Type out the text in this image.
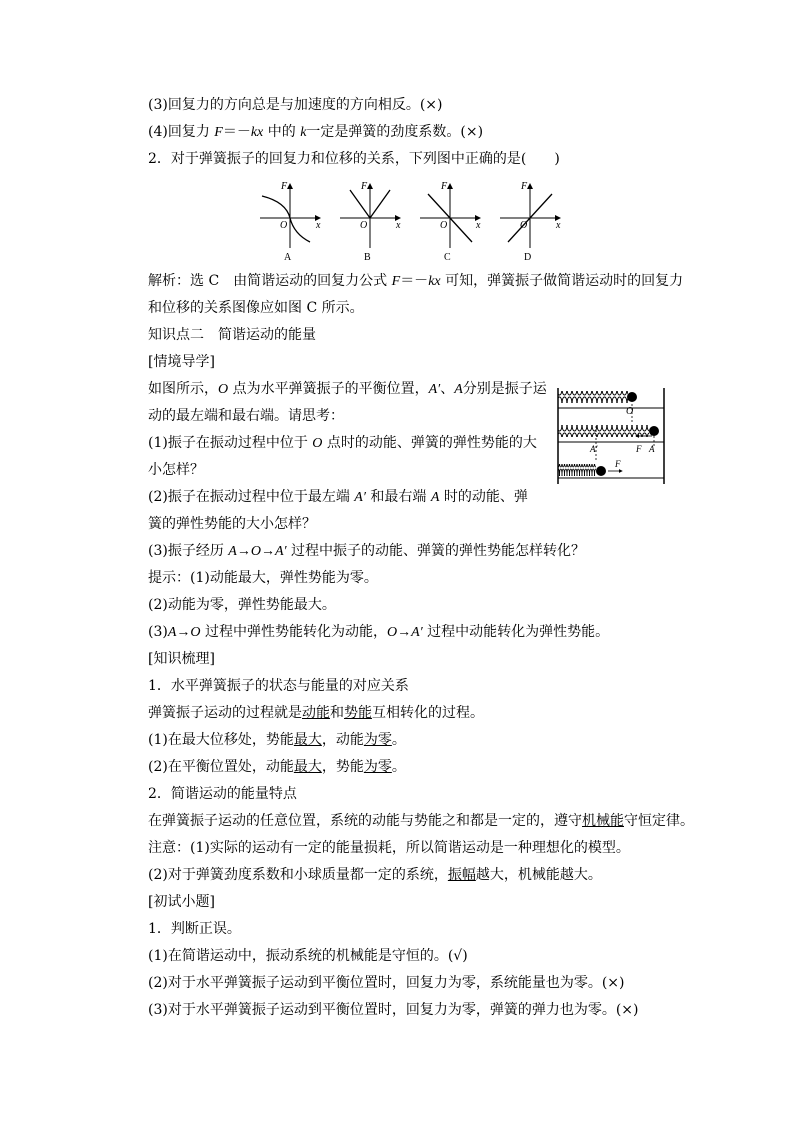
(3)回复力的方向总是与加速度的方向相反。(×)
(4)回复力 F＝－kx 中的 k一定是弹簧的劲度系数。(×)
2．对于弹簧振子的回复力和位移的关系，下列图中正确的是(　　)
F
x
O
A
F
x
O
B
F
x
O
C
F
x
O
D
解析：选 C　由简谐运动的回复力公式 F＝－kx 可知，弹簧振子做简谐运动时的回复力
和位移的关系图像应如图 C 所示。
知识点二　简谐运动的能量
[情境导学]
如图所示，O 点为水平弹簧振子的平衡位置，A′、A分别是振子运
动的最左端和最右端。请思考：
(1)振子在振动过程中位于 O 点时的动能、弹簧的弹性势能的大
小怎样？
(2)振子在振动过程中位于最左端 A′ 和最右端 A 时的动能、弹
簧的弹性势能的大小怎样？
(3)振子经历 A→O→A′ 过程中振子的动能、弹簧的弹性势能怎样转化？
提示：(1)动能最大，弹性势能为零。
(2)动能为零，弹性势能最大。
(3)A→O 过程中弹性势能转化为动能，O→A′ 过程中动能转化为弹性势能。
O
F A
A′
F
[知识梳理]
1．水平弹簧振子的状态与能量的对应关系
弹簧振子运动的过程就是动能和势能互相转化的过程。
(1)在最大位移处，势能最大，动能为零。
(2)在平衡位置处，动能最大，势能为零。
2．简谐运动的能量特点
在弹簧振子运动的任意位置，系统的动能与势能之和都是一定的，遵守机械能守恒定律。
注意：(1)实际的运动有一定的能量损耗，所以简谐运动是一种理想化的模型。
(2)对于弹簧劲度系数和小球质量都一定的系统，振幅越大，机械能越大。
[初试小题]
1．判断正误。
(1)在简谐运动中，振动系统的机械能是守恒的。(√)
(2)对于水平弹簧振子运动到平衡位置时，回复力为零，系统能量也为零。(×)
(3)对于水平弹簧振子运动到平衡位置时，回复力为零，弹簧的弹力也为零。(×)
